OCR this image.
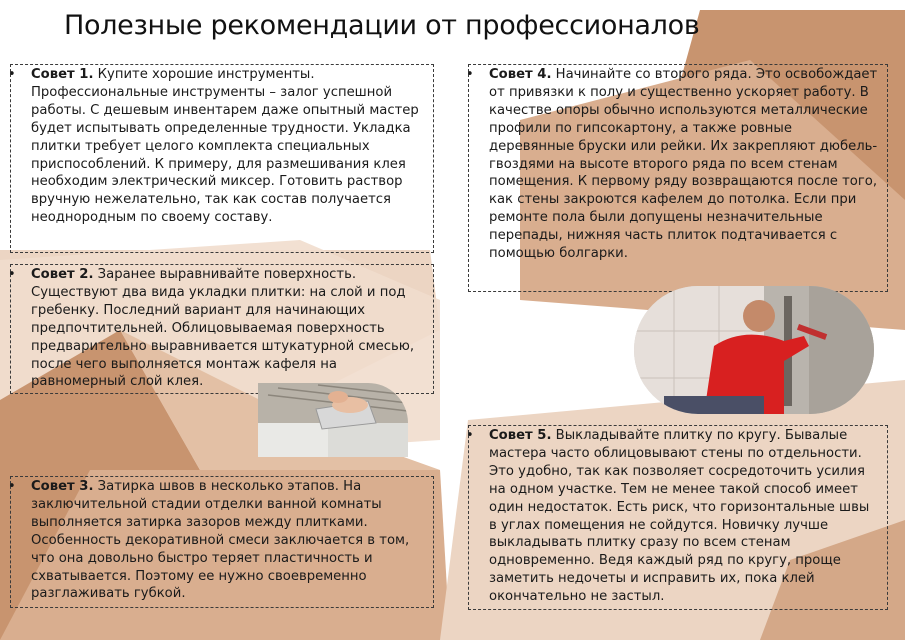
Полезные рекомендации от профессионалов
•	Совет 1. Купите хорошие инструменты. Профессиональные инструменты – залог успешной работы. С дешевым инвентарем даже опытный мастер будет испытывать определенные трудности. Укладка плитки требует целого комплекта специальных приспособлений. К примеру, для размешивания клея необходим электрический миксер. Готовить раствор вручную нежелательно, так как состав получается неоднородным по своему составу.

•	Совет 2. Заранее выравнивайте поверхность. Существуют два вида укладки плитки: на слой и под гребенку. Последний вариант для начинающих предпочтительней. Облицовываемая поверхность предварительно выравнивается штукатурной смесью, после чего выполняется монтаж кафеля на равномерный слой клея.

•	Совет 3. Затирка швов в несколько этапов. На заключительной стадии отделки ванной комнаты выполняется затирка зазоров между плитками. Особенность декоративной смеси заключается в том, что она довольно быстро теряет пластичность и схватывается. Поэтому ее нужно своевременно разглаживать губкой.

•	Совет 4. Начинайте со второго ряда. Это освобождает от привязки к полу и существенно ускоряет работу. В качестве опоры обычно используются металлические профили по гипсокартону, а также ровные деревянные бруски или рейки. Их закрепляют дюбель-гвоздями на высоте второго ряда по всем стенам помещения. К первому ряду возвращаются после того, как стены закроются кафелем до потолка. Если при ремонте пола были допущены незначительные перепады, нижняя часть плиток подтачивается с помощью болгарки.

•	Совет 5. Выкладывайте плитку по кругу. Бывалые мастера часто облицовывают стены по отдельности. Это удобно, так как позволяет сосредоточить усилия на одном участке. Тем не менее такой способ имеет один недостаток. Есть риск, что горизонтальные швы в углах помещения не сойдутся. Новичку лучше выкладывать плитку сразу по всем стенам одновременно. Ведя каждый ряд по кругу, проще заметить недочеты и исправить их, пока клей окончательно не застыл.
